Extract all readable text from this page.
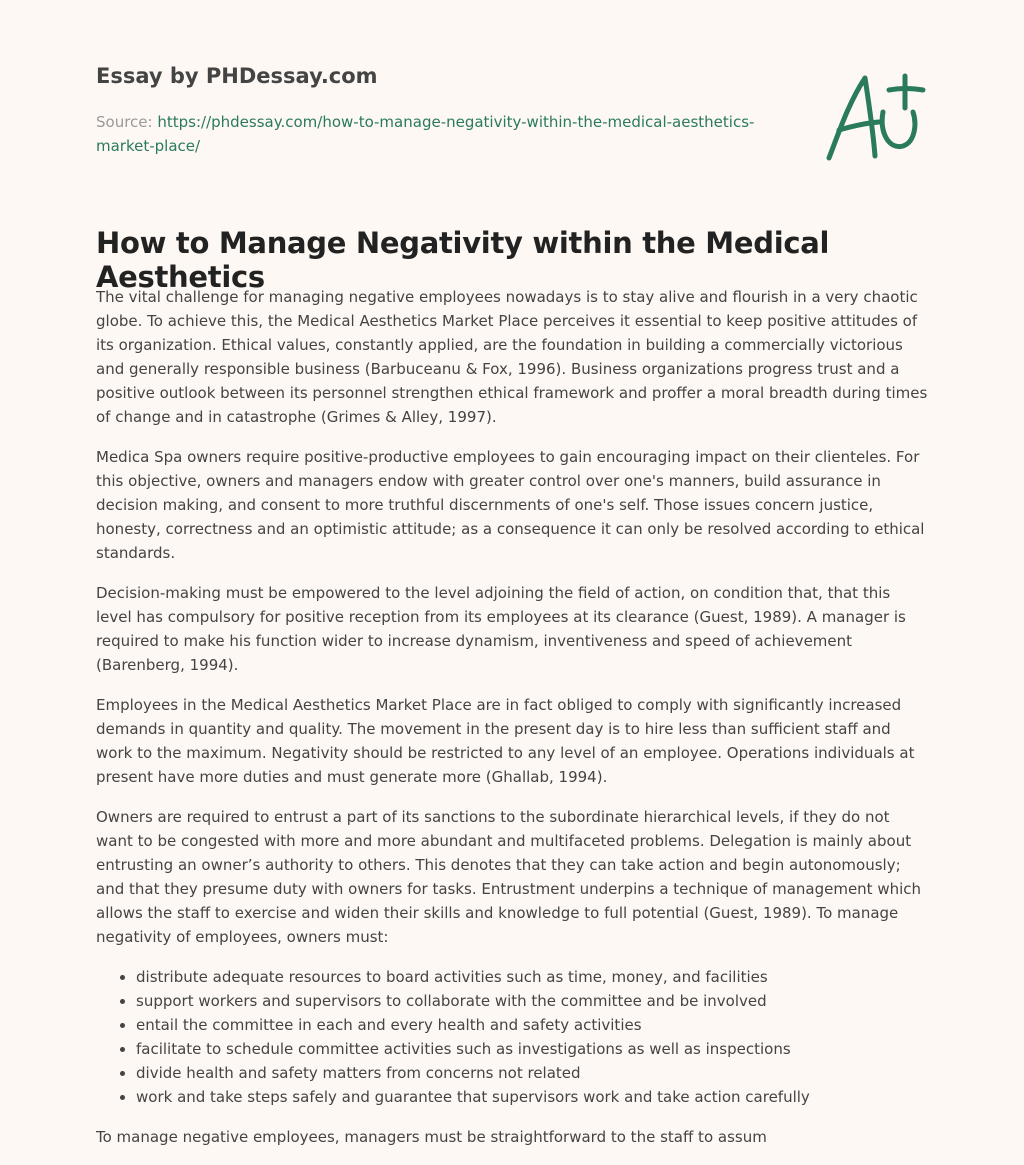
Essay by PHDessay.com
Source: https://phdessay.com/how-to-manage-negativity-within-the-medical-aesthetics-market-place/
How to Manage Negativity within the Medical Aesthetics

The vital challenge for managing negative employees nowadays is to stay alive and flourish in a very chaotic globe. To achieve this, the Medical Aesthetics Market Place perceives it essential to keep positive attitudes of its organization. Ethical values, constantly applied, are the foundation in building a commercially victorious and generally responsible business (Barbuceanu & Fox, 1996). Business organizations progress trust and a positive outlook between its personnel strengthen ethical framework and proffer a moral breadth during times of change and in catastrophe (Grimes & Alley, 1997).

Medica Spa owners require positive-productive employees to gain encouraging impact on their clienteles. For this objective, owners and managers endow with greater control over one's manners, build assurance in decision making, and consent to more truthful discernments of one's self. Those issues concern justice, honesty, correctness and an optimistic attitude; as a consequence it can only be resolved according to ethical standards.

Decision-making must be empowered to the level adjoining the field of action, on condition that, that this level has compulsory for positive reception from its employees at its clearance (Guest, 1989). A manager is required to make his function wider to increase dynamism, inventiveness and speed of achievement (Barenberg, 1994).

Employees in the Medical Aesthetics Market Place are in fact obliged to comply with significantly increased demands in quantity and quality. The movement in the present day is to hire less than sufficient staff and work to the maximum. Negativity should be restricted to any level of an employee. Operations individuals at present have more duties and must generate more (Ghallab, 1994).

Owners are required to entrust a part of its sanctions to the subordinate hierarchical levels, if they do not want to be congested with more and more abundant and multifaceted problems. Delegation is mainly about entrusting an owner’s authority to others. This denotes that they can take action and begin autonomously; and that they presume duty with owners for tasks. Entrustment underpins a technique of management which allows the staff to exercise and widen their skills and knowledge to full potential (Guest, 1989). To manage negativity of employees, owners must:

• distribute adequate resources to board activities such as time, money, and facilities
• support workers and supervisors to collaborate with the committee and be involved
• entail the committee in each and every health and safety activities
• facilitate to schedule committee activities such as investigations as well as inspections
• divide health and safety matters from concerns not related
• work and take steps safely and guarantee that supervisors work and take action carefully

To manage negative employees, managers must be straightforward to the staff to assum
